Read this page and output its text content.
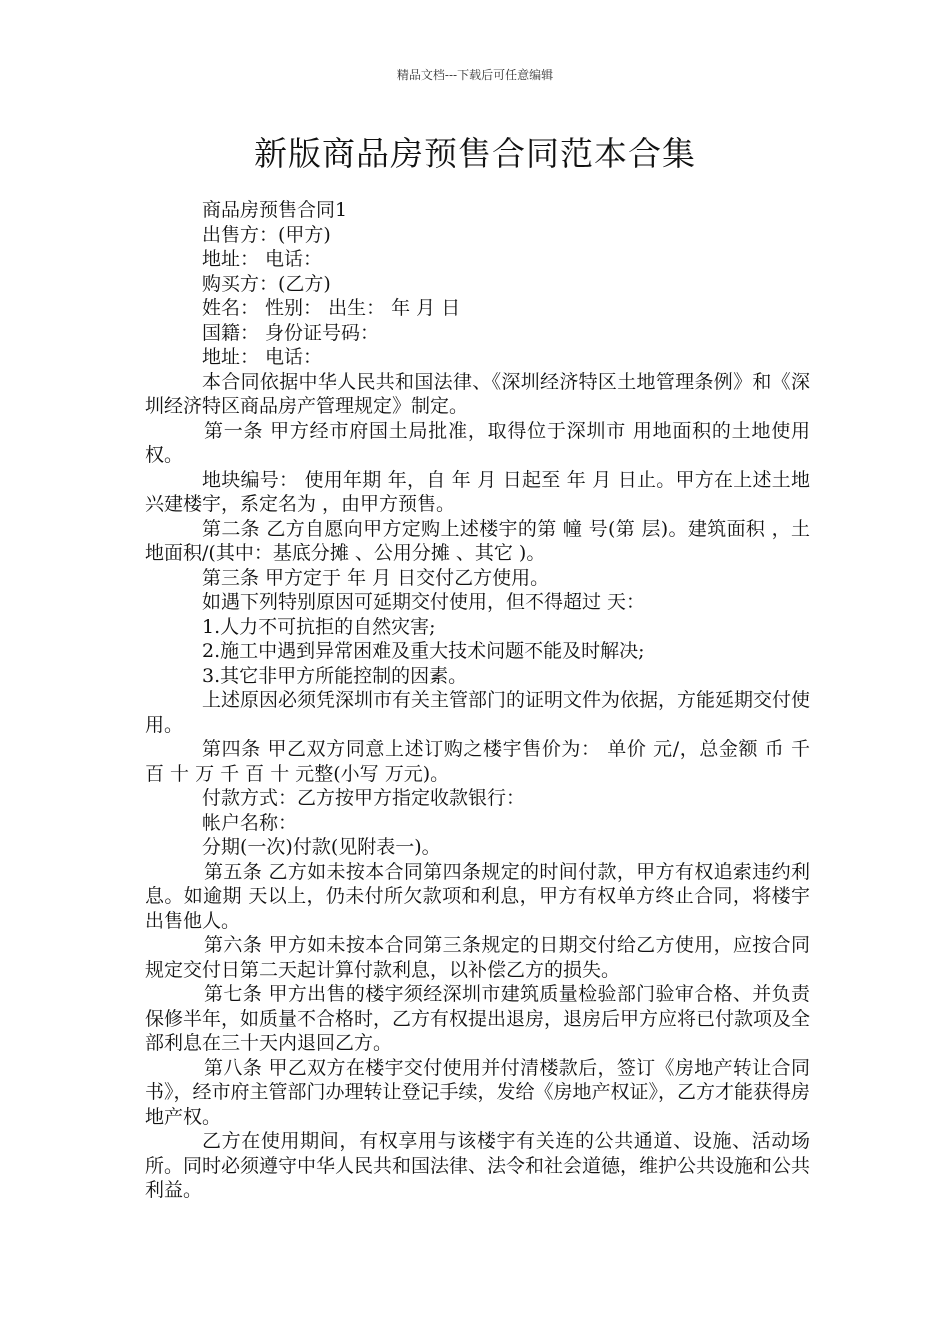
精品文档---下载后可任意编辑
新版商品房预售合同范本合集

商品房预售合同1

出售方：(甲方)

地址： 电话：

购买方：(乙方)

姓名： 性别： 出生： 年 月 日

国籍： 身份证号码：

地址： 电话：

本合同依据中华人民共和国法律、《深圳经济特区土地管理条例》和《深圳经济特区商品房产管理规定》制定。

第一条 甲方经市府国土局批准，取得位于深圳市 用地面积的土地使用权。

地块编号： 使用年期 年，自 年 月 日起至 年 月 日止。甲方在上述土地兴建楼宇，系定名为 ，由甲方预售。

第二条 乙方自愿向甲方定购上述楼宇的第 幢 号(第 层)。建筑面积 ，土地面积/(其中：基底分摊 、公用分摊 、其它 )。

第三条 甲方定于 年 月 日交付乙方使用。

如遇下列特别原因可延期交付使用，但不得超过 天：

1.人力不可抗拒的自然灾害;

2.施工中遇到异常困难及重大技术问题不能及时解决;

3.其它非甲方所能控制的因素。

上述原因必须凭深圳市有关主管部门的证明文件为依据，方能延期交付使用。

第四条 甲乙双方同意上述订购之楼宇售价为： 单价 元/，总金额 币 千 百 十 万 千 百 十 元整(小写 万元)。

付款方式：乙方按甲方指定收款银行：

帐户名称：

分期(一次)付款(见附表一)。

第五条 乙方如未按本合同第四条规定的时间付款，甲方有权追索违约利息。如逾期 天以上，仍未付所欠款项和利息，甲方有权单方终止合同，将楼宇出售他人。

第六条 甲方如未按本合同第三条规定的日期交付给乙方使用，应按合同规定交付日第二天起计算付款利息，以补偿乙方的损失。

第七条 甲方出售的楼宇须经深圳市建筑质量检验部门验审合格、并负责保修半年，如质量不合格时，乙方有权提出退房，退房后甲方应将已付款项及全部利息在三十天内退回乙方。

第八条 甲乙双方在楼宇交付使用并付清楼款后，签订《房地产转让合同书》，经市府主管部门办理转让登记手续，发给《房地产权证》，乙方才能获得房地产权。

乙方在使用期间，有权享用与该楼宇有关连的公共通道、设施、活动场所。同时必须遵守中华人民共和国法律、法令和社会道德，维护公共设施和公共利益。
